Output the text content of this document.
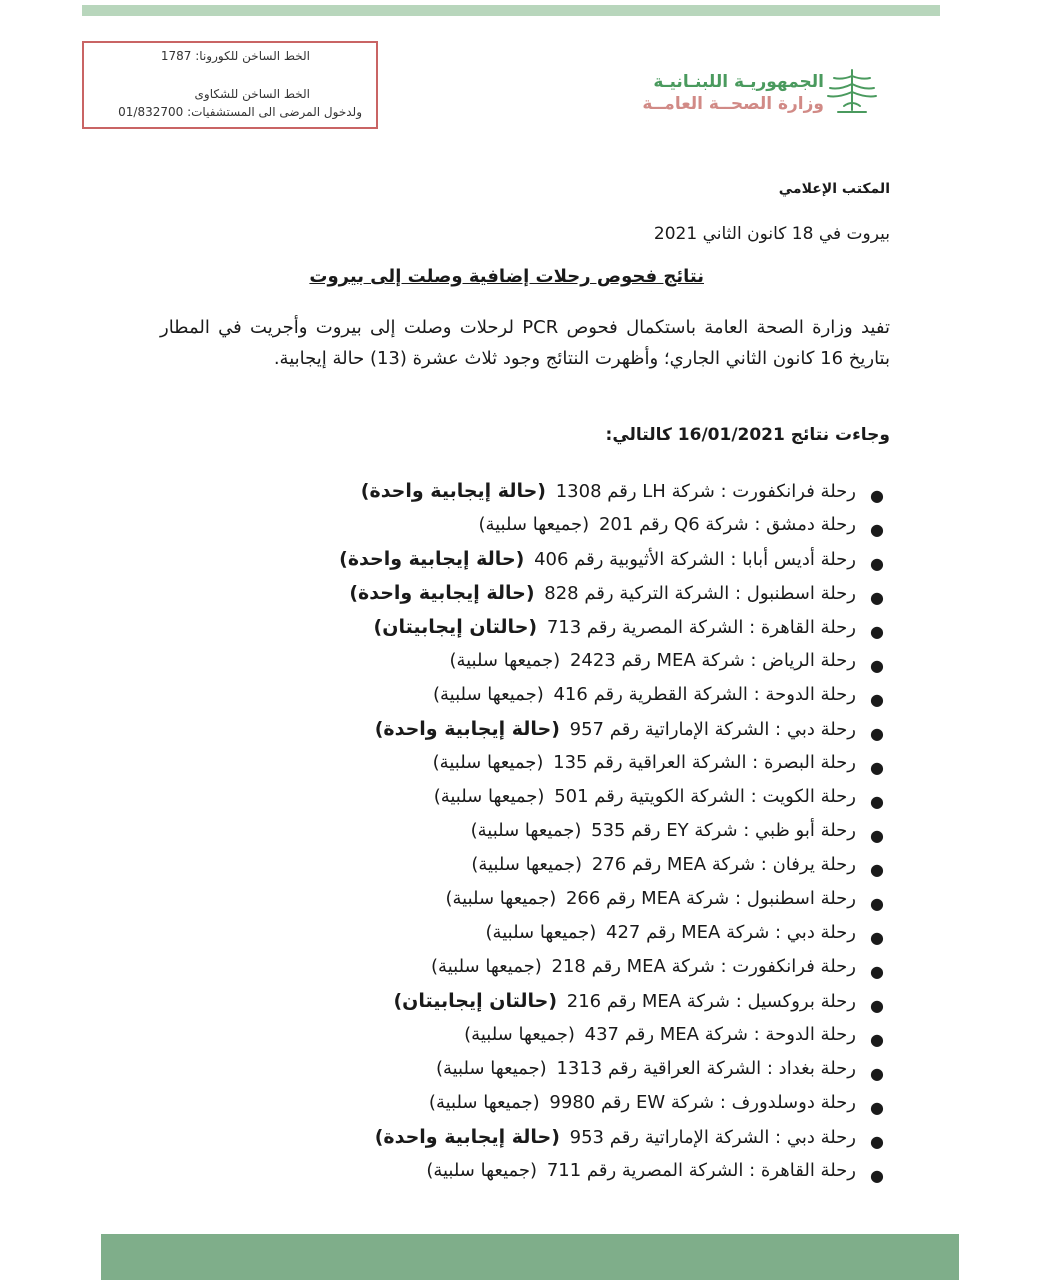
الخط الساخن للكورونا: 1787
الخط الساخن للشكاوى
ولدخول المرضى الى المستشفيات: 01/832700
الجمهوريـة اللبنـانيـة
وزارة الصحــة العامــة
المكتب الإعلامي
بيروت في 18 كانون الثاني 2021
نتائج فحوص رحلات إضافية وصلت إلى بيروت
تفيد وزارة الصحة العامة باستكمال فحوص PCR لرحلات وصلت إلى بيروت وأجريت في المطار بتاريخ 16 كانون الثاني الجاري؛ وأظهرت النتائج وجود ثلاث عشرة (13) حالة إيجابية.
وجاءت نتائج 16/01/2021 كالتالي:
●
رحلة فرانكفورت : شركة LH رقم 1308 (حالة إيجابية واحدة)
●
رحلة دمشق : شركة Q6 رقم 201 (جميعها سلبية)
●
رحلة أديس أبابا : الشركة الأثيوبية رقم 406 (حالة إيجابية واحدة)
●
رحلة اسطنبول : الشركة التركية رقم 828 (حالة إيجابية واحدة)
●
رحلة القاهرة : الشركة المصرية رقم 713 (حالتان إيجابيتان)
●
رحلة الرياض : شركة MEA رقم 2423 (جميعها سلبية)
●
رحلة الدوحة : الشركة القطرية رقم 416 (جميعها سلبية)
●
رحلة دبي : الشركة الإماراتية رقم 957 (حالة إيجابية واحدة)
●
رحلة البصرة : الشركة العراقية رقم 135 (جميعها سلبية)
●
رحلة الكويت : الشركة الكويتية رقم 501 (جميعها سلبية)
●
رحلة أبو ظبي : شركة EY رقم 535 (جميعها سلبية)
●
رحلة يرفان : شركة MEA رقم 276 (جميعها سلبية)
●
رحلة اسطنبول : شركة MEA رقم 266 (جميعها سلبية)
●
رحلة دبي : شركة MEA رقم 427 (جميعها سلبية)
●
رحلة فرانكفورت : شركة MEA رقم 218 (جميعها سلبية)
●
رحلة بروكسيل : شركة MEA رقم 216 (حالتان إيجابيتان)
●
رحلة الدوحة : شركة MEA رقم 437 (جميعها سلبية)
●
رحلة بغداد : الشركة العراقية رقم 1313 (جميعها سلبية)
●
رحلة دوسلدورف : شركة EW رقم 9980 (جميعها سلبية)
●
رحلة دبي : الشركة الإماراتية رقم 953 (حالة إيجابية واحدة)
●
رحلة القاهرة : الشركة المصرية رقم 711 (جميعها سلبية)
